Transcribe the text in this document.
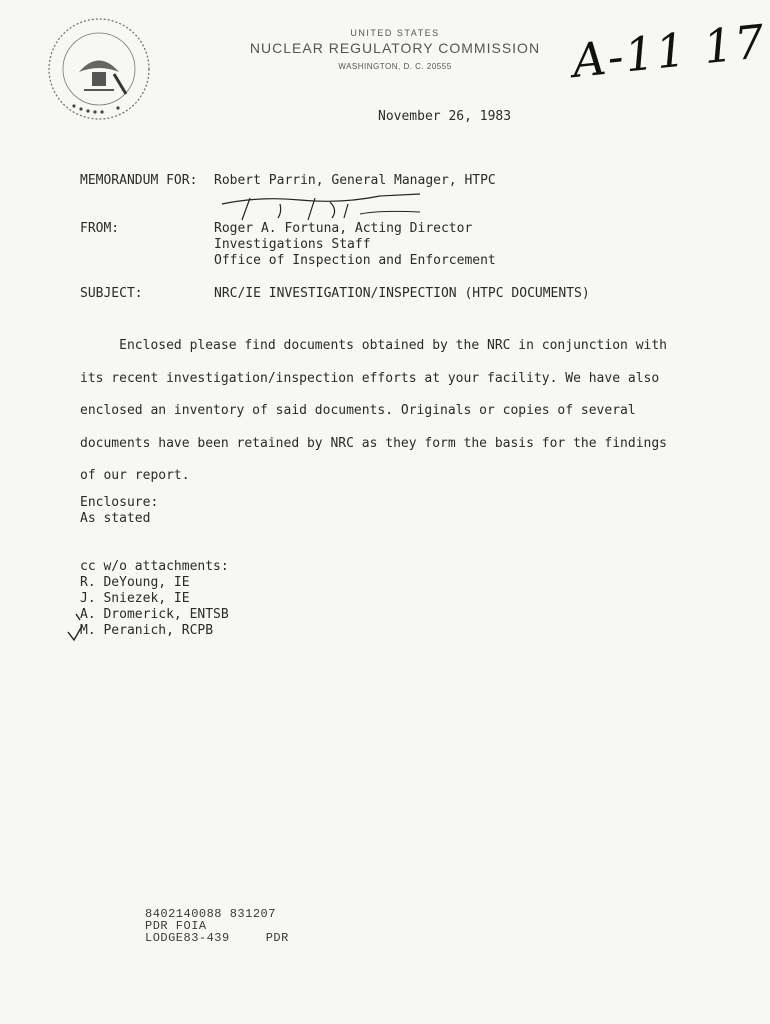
UNITED STATES
NUCLEAR REGULATORY COMMISSION
WASHINGTON, D. C. 20555	A-11 17
November 26, 1983
MEMORANDUM FOR: Robert Parrin, General Manager, HTPC
FROM:	Roger A. Fortuna, Acting Director
Investigations Staff
Office of Inspection and Enforcement
SUBJECT:	NRC/IE INVESTIGATION/INSPECTION (HTPC DOCUMENTS)
Enclosed please find documents obtained by the NRC in conjunction with
its recent investigation/inspection efforts at your facility. We have also
enclosed an inventory of said documents. Originals or copies of several
documents have been retained by NRC as they form the basis for the findings
of our report.
Enclosure:
As stated
cc w/o attachments:
R. DeYoung, IE
J. Sniezek, IE
A. Dromerick, ENTSB
M. Peranich, RCPB
8402140088 831207
PDR FOIA
LODGE83-439	PDR
